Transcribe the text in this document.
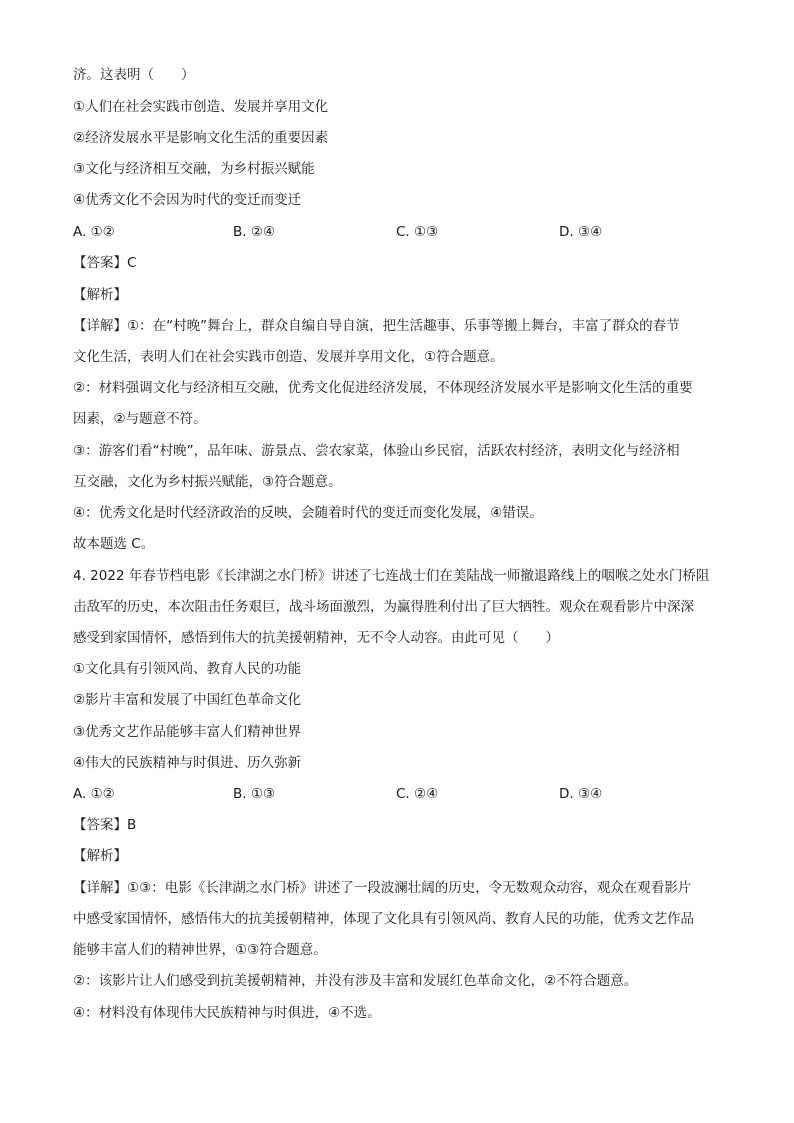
济。这表明（　　）
①人们在社会实践市创造、发展并享用文化
②经济发展水平是影响文化生活的重要因素
③文化与经济相互交融，为乡村振兴赋能
④优秀文化不会因为时代的变迁而变迁
A. ①②	B. ②④	C. ①③	D. ③④
【答案】C
【解析】
【详解】①：在“村晚”舞台上，群众自编自导自演，把生活趣事、乐事等搬上舞台，丰富了群众的春节
文化生活，表明人们在社会实践市创造、发展并享用文化，①符合题意。
②：材料强调文化与经济相互交融，优秀文化促进经济发展，不体现经济发展水平是影响文化生活的重要
因素，②与题意不符。
③：游客们看“村晚”，品年味、游景点、尝农家菜，体验山乡民宿，活跃农村经济，表明文化与经济相
互交融，文化为乡村振兴赋能，③符合题意。
④：优秀文化是时代经济政治的反映，会随着时代的变迁而变化发展，④错误。
故本题选 C。
4. 2022 年春节档电影《长津湖之水门桥》讲述了七连战士们在美陆战一师撤退路线上的咽喉之处水门桥阻
击敌军的历史，本次阻击任务艰巨，战斗场面激烈，为赢得胜利付出了巨大牺牲。观众在观看影片中深深
感受到家国情怀，感悟到伟大的抗美援朝精神，无不令人动容。由此可见（　　）
①文化具有引领风尚、教育人民的功能
②影片丰富和发展了中国红色革命文化
③优秀文艺作品能够丰富人们精神世界
④伟大的民族精神与时俱进、历久弥新
A. ①②	B. ①③	C. ②④	D. ③④
【答案】B
【解析】
【详解】①③：电影《长津湖之水门桥》讲述了一段波澜壮阔的历史，令无数观众动容，观众在观看影片
中感受家国情怀，感悟伟大的抗美援朝精神，体现了文化具有引领风尚、教育人民的功能，优秀文艺作品
能够丰富人们的精神世界，①③符合题意。
②：该影片让人们感受到抗美援朝精神，并没有涉及丰富和发展红色革命文化，②不符合题意。
④：材料没有体现伟大民族精神与时俱进，④不选。
